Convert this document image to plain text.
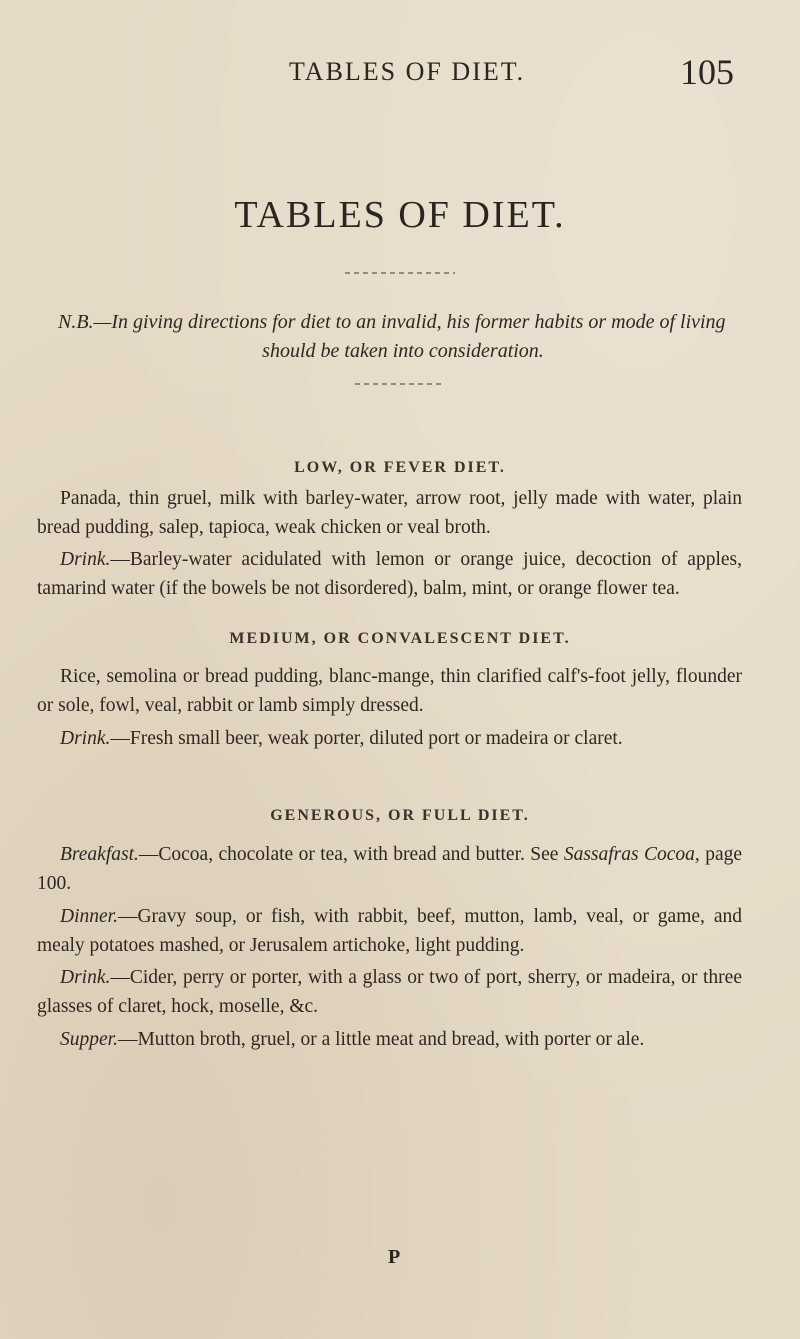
TABLES OF DIET.	105
TABLES OF DIET.
N.B.—In giving directions for diet to an invalid, his former habits or mode of living
should be taken into consideration.
LOW, OR FEVER DIET.
Panada, thin gruel, milk with barley-water, arrow root, jelly made with water, plain bread pudding, salep, tapioca, weak chicken or veal broth.
Drink.—Barley-water acidulated with lemon or orange juice, decoction of apples, tamarind water (if the bowels be not disordered), balm, mint, or orange flower tea.
MEDIUM, OR CONVALESCENT DIET.
Rice, semolina or bread pudding, blanc-mange, thin clarified calf's-foot jelly, flounder or sole, fowl, veal, rabbit or lamb simply dressed.
Drink.—Fresh small beer, weak porter, diluted port or madeira or claret.
GENEROUS, OR FULL DIET.
Breakfast.—Cocoa, chocolate or tea, with bread and butter. See Sassafras Cocoa, page 100.
Dinner.—Gravy soup, or fish, with rabbit, beef, mutton, lamb, veal, or game, and mealy potatoes mashed, or Jerusalem artichoke, light pudding.
Drink.—Cider, perry or porter, with a glass or two of port, sherry, or madeira, or three glasses of claret, hock, moselle, &c.
Supper.—Mutton broth, gruel, or a little meat and bread, with porter or ale.
P
